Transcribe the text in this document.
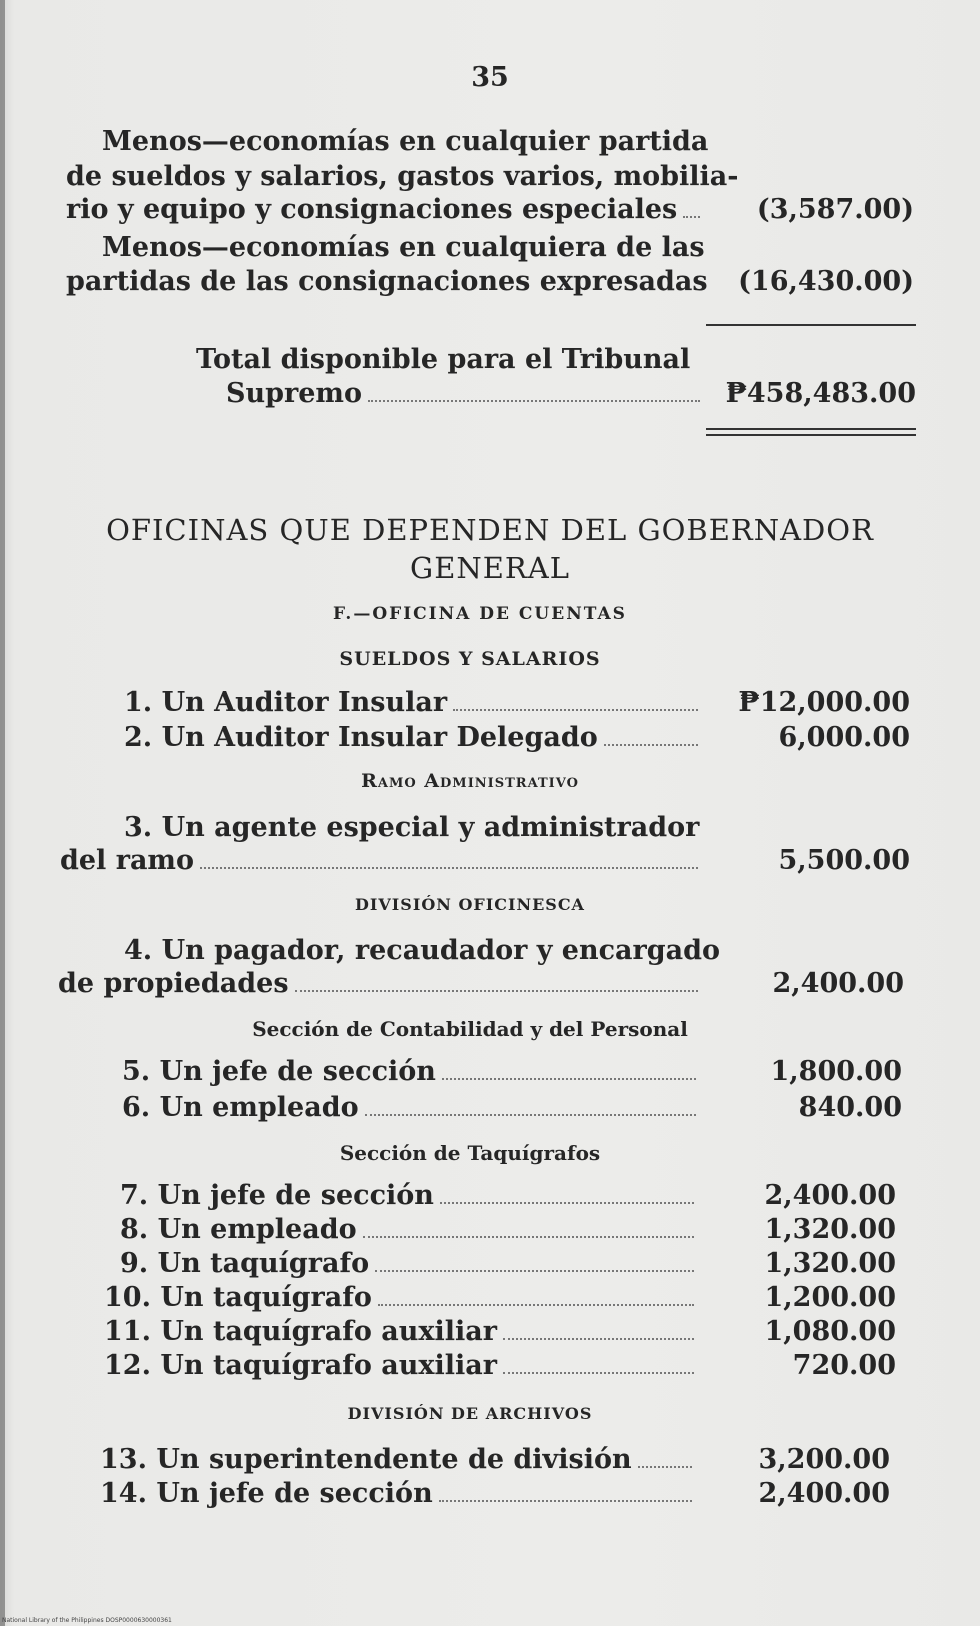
35
Menos—economías en cualquier partida
de sueldos y salarios, gastos varios, mobilia-
rio y equipo y consignaciones especiales	(3,587.00)
Menos—economías en cualquiera de las
partidas de las consignaciones expresadas	(16,430.00)
Total disponible para el Tribunal
Supremo	₱458,483.00
OFICINAS QUE DEPENDEN DEL GOBERNADOR
GENERAL
F.—OFICINA DE CUENTAS
SUELDOS Y SALARIOS
1. Un Auditor Insular	₱12,000.00
2. Un Auditor Insular Delegado	6,000.00
Ramo Administrativo
3. Un agente especial y administrador
del ramo	5,500.00
DIVISIÓN OFICINESCA
4. Un pagador, recaudador y encargado
de propiedades	2,400.00
Sección de Contabilidad y del Personal
5. Un jefe de sección	1,800.00
6. Un empleado	840.00
Sección de Taquígrafos
7. Un jefe de sección	2,400.00
8. Un empleado	1,320.00
9. Un taquígrafo	1,320.00
10. Un taquígrafo	1,200.00
11. Un taquígrafo auxiliar	1,080.00
12. Un taquígrafo auxiliar	720.00
DIVISIÓN DE ARCHIVOS
13. Un superintendente de división	3,200.00
14. Un jefe de sección	2,400.00
National Library of the Philippines DOSP0000630000361
